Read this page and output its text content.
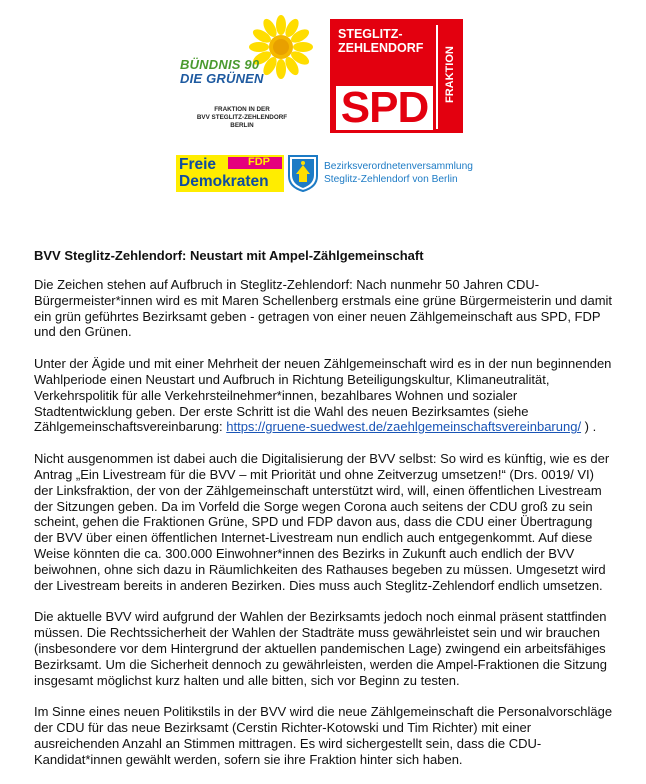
BÜNDNIS 90
DIE GRÜNEN
FRAKTION IN DER
BVV STEGLITZ-ZEHLENDORF
BERLIN
STEGLITZ-
ZEHLENDORF
SPD
FRAKTION
FDP
Freie
Demokraten
Bezirksverordnetenversammlung
Steglitz-Zehlendorf von Berlin
BVV Steglitz-Zehlendorf: Neustart mit Ampel-Zählgemeinschaft

Die Zeichen stehen auf Aufbruch in Steglitz-Zehlendorf: Nach nunmehr 50 Jahren CDU-Bürgermeister*innen wird es mit Maren Schellenberg erstmals eine grüne Bürgermeisterin und damit ein grün geführtes Bezirksamt geben - getragen von einer neuen Zählgemeinschaft aus SPD, FDP und den Grünen.

Unter der Ägide und mit einer Mehrheit der neuen Zählgemeinschaft wird es in der nun beginnenden Wahlperiode einen Neustart und Aufbruch in Richtung Beteiligungskultur, Klimaneutralität, Verkehrspolitik für alle Verkehrsteilnehmer*innen, bezahlbares Wohnen und sozialer Stadtentwicklung geben. Der erste Schritt ist die Wahl des neuen Bezirksamtes (siehe Zählgemeinschaftsvereinbarung: https://gruene-suedwest.de/zaehlgemeinschaftsvereinbarung/ ) .

Nicht ausgenommen ist dabei auch die Digitalisierung der BVV selbst: So wird es künftig, wie es der Antrag „Ein Livestream für die BVV – mit Priorität und ohne Zeitverzug umsetzen!“ (Drs. 0019/ VI) der Linksfraktion, der von der Zählgemeinschaft unterstützt wird, will, einen öffentlichen Livestream der Sitzungen geben. Da im Vorfeld die Sorge wegen Corona auch seitens der CDU groß zu sein scheint, gehen die Fraktionen Grüne, SPD und FDP davon aus, dass die CDU einer Übertragung der BVV über einen öffentlichen Internet-Livestream nun endlich auch entgegenkommt. Auf diese Weise könnten die ca. 300.000 Einwohner*innen des Bezirks in Zukunft auch endlich der BVV beiwohnen, ohne sich dazu in Räumlichkeiten des Rathauses begeben zu müssen. Umgesetzt wird der Livestream bereits in anderen Bezirken. Dies muss auch Steglitz-Zehlendorf endlich umsetzen.

Die aktuelle BVV wird aufgrund der Wahlen der Bezirksamts jedoch noch einmal präsent stattfinden müssen. Die Rechtssicherheit der Wahlen der Stadträte muss gewährleistet sein und wir brauchen (insbesondere vor dem Hintergrund der aktuellen pandemischen Lage) zwingend ein arbeitsfähiges Bezirksamt. Um die Sicherheit dennoch zu gewährleisten, werden die Ampel-Fraktionen die Sitzung insgesamt möglichst kurz halten und alle bitten, sich vor Beginn zu testen.

Im Sinne eines neuen Politikstils in der BVV wird die neue Zählgemeinschaft die Personalvorschläge der CDU für das neue Bezirksamt (Cerstin Richter-Kotowski und Tim Richter) mit einer ausreichenden Anzahl an Stimmen mittragen. Es wird sichergestellt sein, dass die CDU-Kandidat*innen gewählt werden, sofern sie ihre Fraktion hinter sich haben.
